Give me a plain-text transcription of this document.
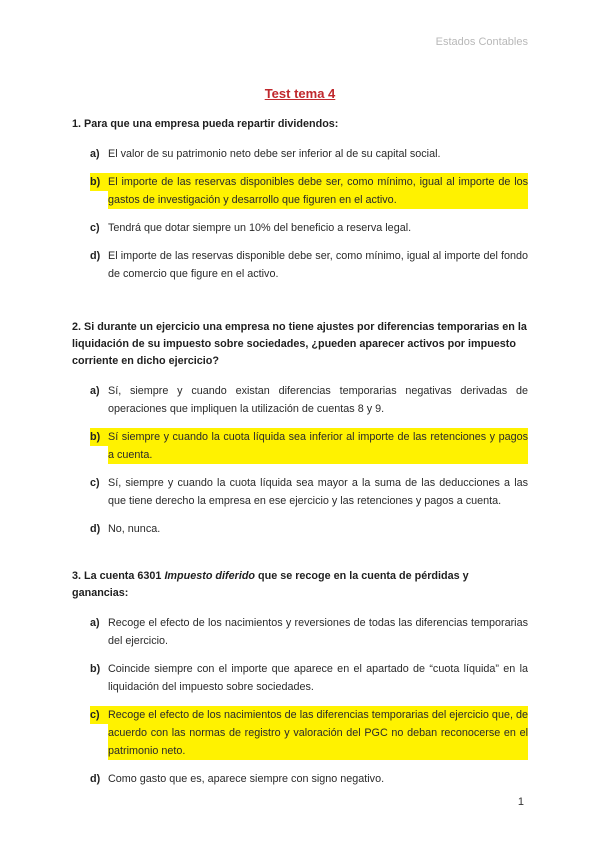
Estados Contables
Test tema 4

1. Para que una empresa pueda repartir dividendos:

a) El valor de su patrimonio neto debe ser inferior al de su capital social.
b) El importe de las reservas disponibles debe ser, como mínimo, igual al importe de los gastos de investigación y desarrollo que figuren en el activo.
c) Tendrá que dotar siempre un 10% del beneficio a reserva legal.
d) El importe de las reservas disponible debe ser, como mínimo, igual al importe del fondo de comercio que figure en el activo.

2. Si durante un ejercicio una empresa no tiene ajustes por diferencias temporarias en la liquidación de su impuesto sobre sociedades, ¿pueden aparecer activos por impuesto corriente en dicho ejercicio?

a) Sí, siempre y cuando existan diferencias temporarias negativas derivadas de operaciones que impliquen la utilización de cuentas 8 y 9.
b) Sí siempre y cuando la cuota líquida sea inferior al importe de las retenciones y pagos a cuenta.
c) Sí, siempre y cuando la cuota líquida sea mayor a la suma de las deducciones a las que tiene derecho la empresa en ese ejercicio y las retenciones y pagos a cuenta.
d) No, nunca.

3. La cuenta 6301 Impuesto diferido que se recoge en la cuenta de pérdidas y ganancias:

a) Recoge el efecto de los nacimientos y reversiones de todas las diferencias temporarias del ejercicio.
b) Coincide siempre con el importe que aparece en el apartado de “cuota líquida” en la liquidación del impuesto sobre sociedades.
c) Recoge el efecto de los nacimientos de las diferencias temporarias del ejercicio que, de acuerdo con las normas de registro y valoración del PGC no deban reconocerse en el patrimonio neto.
d) Como gasto que es, aparece siempre con signo negativo.
1
